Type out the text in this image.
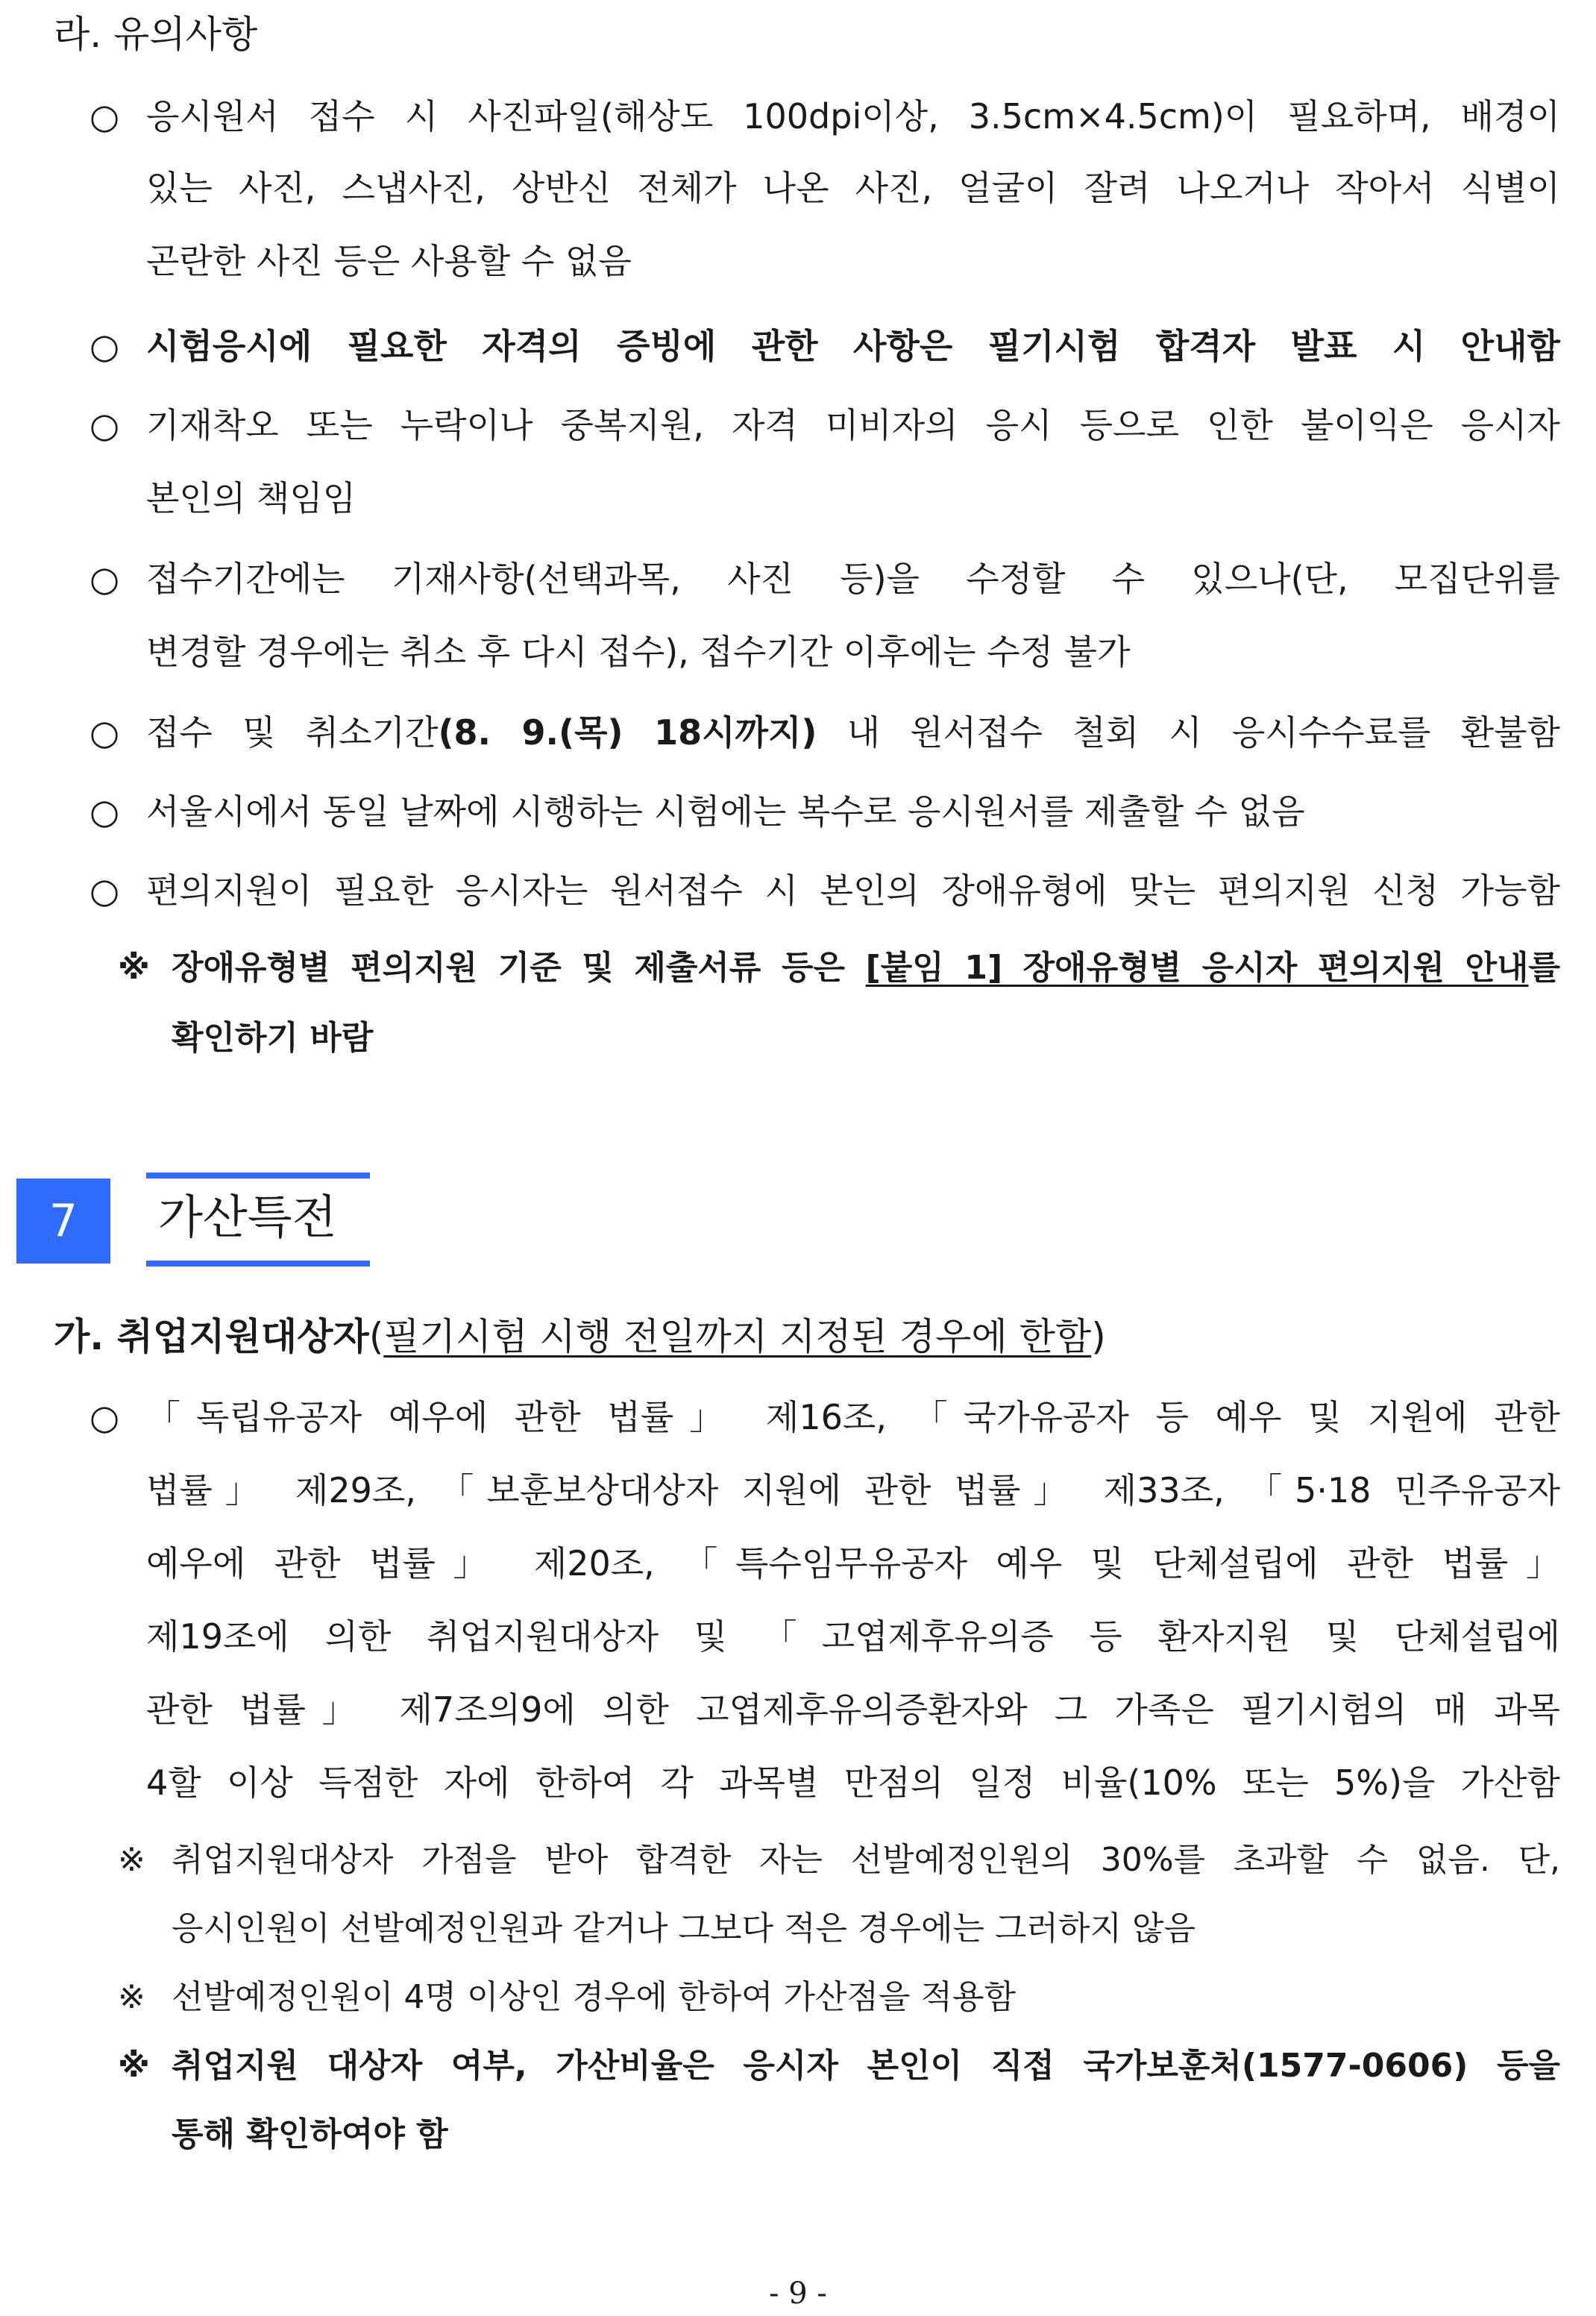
라. 유의사항
○ 응시원서 접수 시 사진파일(해상도 100dpi이상, 3.5cm×4.5cm)이 필요하며, 배경이
있는 사진, 스냅사진, 상반신 전체가 나온 사진, 얼굴이 잘려 나오거나 작아서 식별이
곤란한 사진 등은 사용할 수 없음
○ 시험응시에 필요한 자격의 증빙에 관한 사항은 필기시험 합격자 발표 시 안내함
○ 기재착오 또는 누락이나 중복지원, 자격 미비자의 응시 등으로 인한 불이익은 응시자
본인의 책임임
○ 접수기간에는 기재사항(선택과목, 사진 등)을 수정할 수 있으나(단, 모집단위를
변경할 경우에는 취소 후 다시 접수), 접수기간 이후에는 수정 불가
○ 접수 및 취소기간(8. 9.(목) 18시까지) 내 원서접수 철회 시 응시수수료를 환불함
○ 서울시에서 동일 날짜에 시행하는 시험에는 복수로 응시원서를 제출할 수 없음
○ 편의지원이 필요한 응시자는 원서접수 시 본인의 장애유형에 맞는 편의지원 신청 가능함
※ 장애유형별 편의지원 기준 및 제출서류 등은 [붙임 1] 장애유형별 응시자 편의지원 안내를
확인하기 바람
7	가산특전
가. 취업지원대상자(필기시험 시행 전일까지 지정된 경우에 한함)
○ 「독립유공자 예우에 관한 법률」 제16조, 「국가유공자 등 예우 및 지원에 관한
법률」 제29조, 「보훈보상대상자 지원에 관한 법률」 제33조, 「5·18 민주유공자
예우에 관한 법률」 제20조, 「특수임무유공자 예우 및 단체설립에 관한 법률」
제19조에 의한 취업지원대상자 및 「고엽제후유의증 등 환자지원 및 단체설립에
관한 법률」 제7조의9에 의한 고엽제후유의증환자와 그 가족은 필기시험의 매 과목
4할 이상 득점한 자에 한하여 각 과목별 만점의 일정 비율(10% 또는 5%)을 가산함
※ 취업지원대상자 가점을 받아 합격한 자는 선발예정인원의 30%를 초과할 수 없음. 단,
응시인원이 선발예정인원과 같거나 그보다 적은 경우에는 그러하지 않음
※ 선발예정인원이 4명 이상인 경우에 한하여 가산점을 적용함
※ 취업지원 대상자 여부, 가산비율은 응시자 본인이 직접 국가보훈처(1577-0606) 등을
통해 확인하여야 함
- 9 -
